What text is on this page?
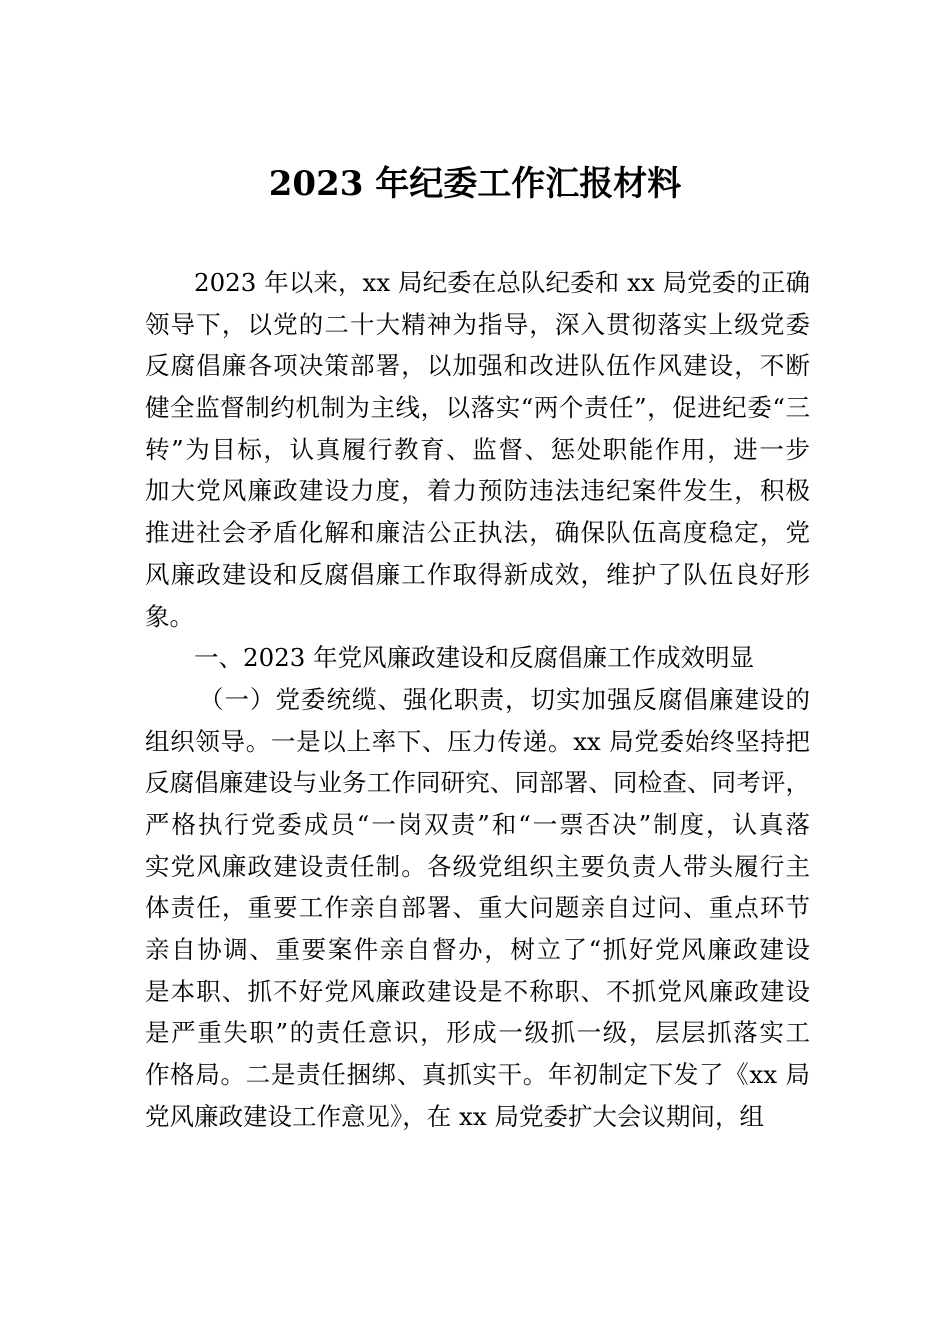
2023 年纪委工作汇报材料
2023 年以来，xx 局纪委在总队纪委和 xx 局党委的正确
领导下，以党的二十大精神为指导，深入贯彻落实上级党委
反腐倡廉各项决策部署，以加强和改进队伍作风建设，不断
健全监督制约机制为主线，以落实“两个责任”，促进纪委“三
转”为目标，认真履行教育、监督、惩处职能作用，进一步
加大党风廉政建设力度，着力预防违法违纪案件发生，积极
推进社会矛盾化解和廉洁公正执法，确保队伍高度稳定，党
风廉政建设和反腐倡廉工作取得新成效，维护了队伍良好形
象。
一、2023 年党风廉政建设和反腐倡廉工作成效明显
（一）党委统缆、强化职责，切实加强反腐倡廉建设的
组织领导。一是以上率下、压力传递。xx 局党委始终坚持把
反腐倡廉建设与业务工作同研究、同部署、同检查、同考评，
严格执行党委成员“一岗双责”和“一票否决”制度，认真落
实党风廉政建设责任制。各级党组织主要负责人带头履行主
体责任，重要工作亲自部署、重大问题亲自过问、重点环节
亲自协调、重要案件亲自督办，树立了“抓好党风廉政建设
是本职、抓不好党风廉政建设是不称职、不抓党风廉政建设
是严重失职”的责任意识，形成一级抓一级，层层抓落实工
作格局。二是责任捆绑、真抓实干。年初制定下发了《xx 局
党风廉政建设工作意见》，在 xx 局党委扩大会议期间，组
